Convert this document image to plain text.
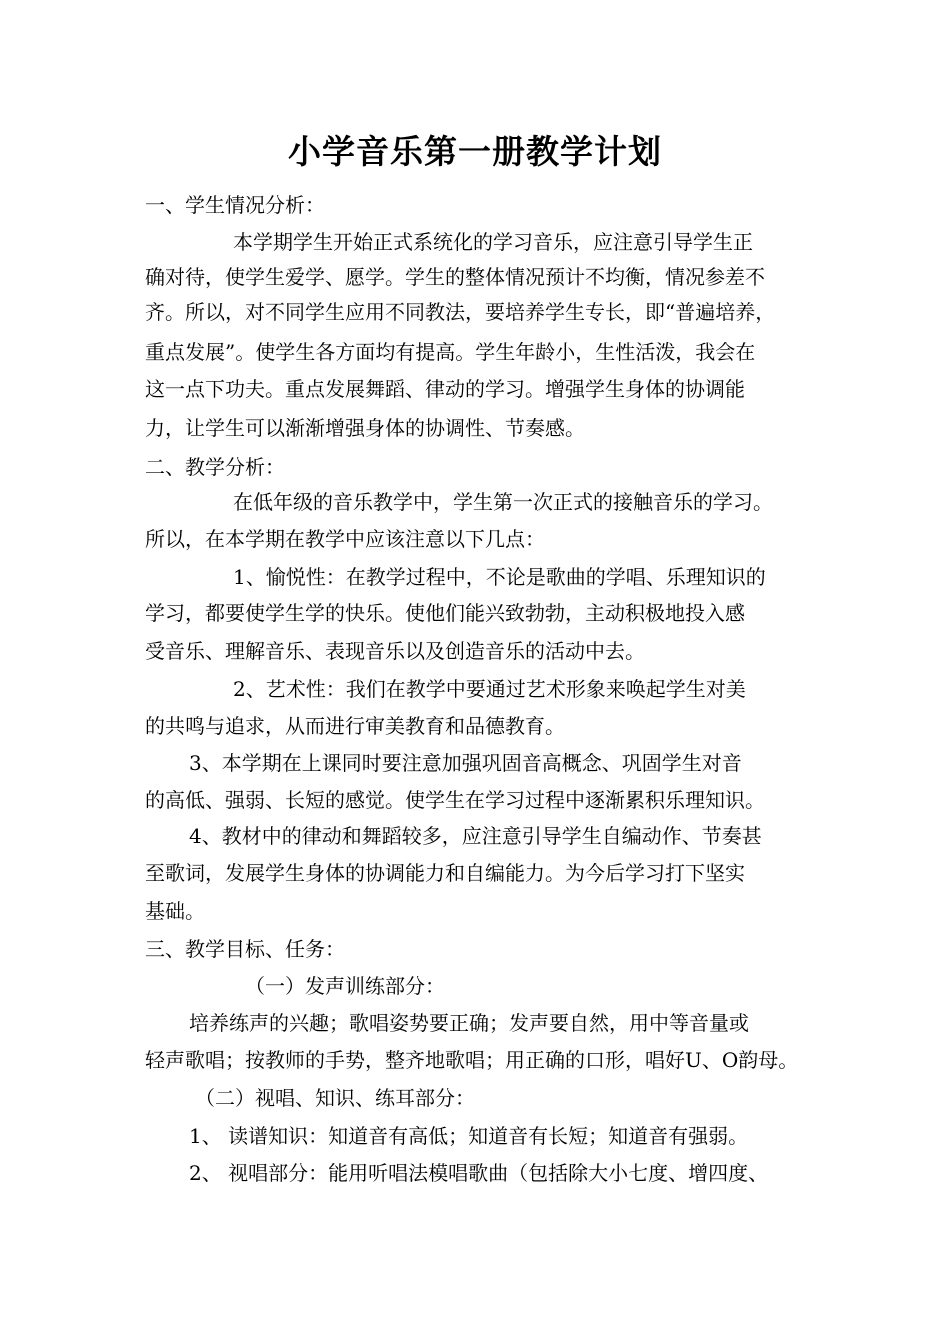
小学音乐第一册教学计划

一、学生情况分析：

本学期学生开始正式系统化的学习音乐，应注意引导学生正

确对待，使学生爱学、愿学。学生的整体情况预计不均衡，情况参差不

齐。所以，对不同学生应用不同教法，要培养学生专长，即“普遍培养，

重点发展”。使学生各方面均有提高。学生年龄小，生性活泼，我会在

这一点下功夫。重点发展舞蹈、律动的学习。增强学生身体的协调能

力，让学生可以渐渐增强身体的协调性、节奏感。

二、教学分析：

在低年级的音乐教学中，学生第一次正式的接触音乐的学习。

所以，在本学期在教学中应该注意以下几点：

1、愉悦性：在教学过程中，不论是歌曲的学唱、乐理知识的

学习，都要使学生学的快乐。使他们能兴致勃勃，主动积极地投入感

受音乐、理解音乐、表现音乐以及创造音乐的活动中去。

2、艺术性：我们在教学中要通过艺术形象来唤起学生对美

的共鸣与追求，从而进行审美教育和品德教育。

3、本学期在上课同时要注意加强巩固音高概念、巩固学生对音

的高低、强弱、长短的感觉。使学生在学习过程中逐渐累积乐理知识。

4、教材中的律动和舞蹈较多，应注意引导学生自编动作、节奏甚

至歌词，发展学生身体的协调能力和自编能力。为今后学习打下坚实

基础。

三、教学目标、任务：

（一）发声训练部分：

培养练声的兴趣；歌唱姿势要正确；发声要自然，用中等音量或

轻声歌唱；按教师的手势，整齐地歌唱；用正确的口形，唱好U、O韵母。

（二）视唱、知识、练耳部分：

1、 读谱知识：知道音有高低；知道音有长短；知道音有强弱。

2、 视唱部分：能用听唱法模唱歌曲（包括除大小七度、增四度、
